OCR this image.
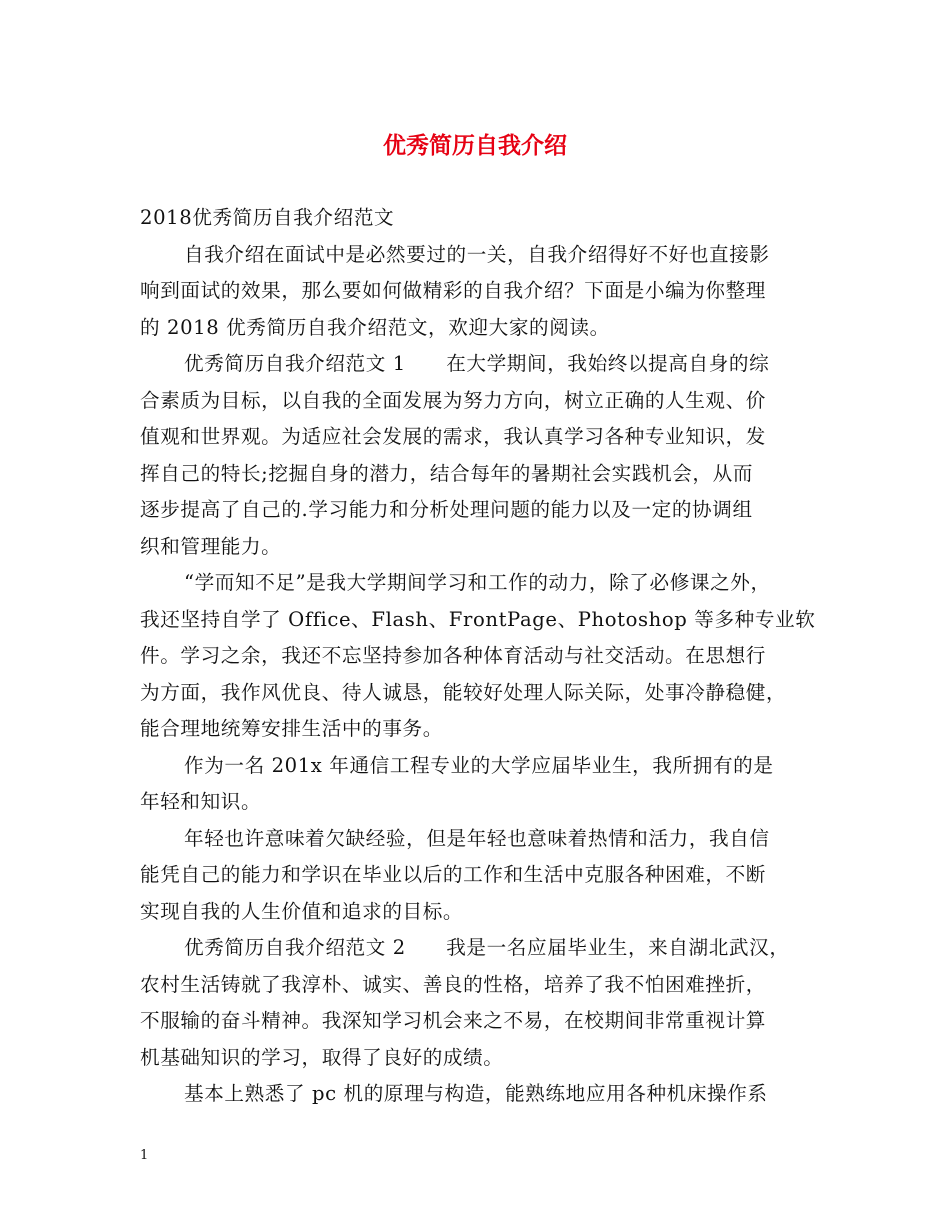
优秀简历自我介绍
2018优秀简历自我介绍范文
自我介绍在面试中是必然要过的一关，自我介绍得好不好也直接影
响到面试的效果，那么要如何做精彩的自我介绍？下面是小编为你整理
的 2018 优秀简历自我介绍范文，欢迎大家的阅读。
优秀简历自我介绍范文 1　　在大学期间，我始终以提高自身的综
合素质为目标，以自我的全面发展为努力方向，树立正确的人生观、价
值观和世界观。为适应社会发展的需求，我认真学习各种专业知识，发
挥自己的特长;挖掘自身的潜力，结合每年的暑期社会实践机会，从而
逐步提高了自己的.学习能力和分析处理问题的能力以及一定的协调组
织和管理能力。
“学而知不足”是我大学期间学习和工作的动力，除了必修课之外，
我还坚持自学了 Office、Flash、FrontPage、Photoshop 等多种专业软
件。学习之余，我还不忘坚持参加各种体育活动与社交活动。在思想行
为方面，我作风优良、待人诚恳，能较好处理人际关际，处事冷静稳健，
能合理地统筹安排生活中的事务。
作为一名 201x 年通信工程专业的大学应届毕业生，我所拥有的是
年轻和知识。
年轻也许意味着欠缺经验，但是年轻也意味着热情和活力，我自信
能凭自己的能力和学识在毕业以后的工作和生活中克服各种困难，不断
实现自我的人生价值和追求的目标。
优秀简历自我介绍范文 2　　我是一名应届毕业生，来自湖北武汉，
农村生活铸就了我淳朴、诚实、善良的性格，培养了我不怕困难挫折，
不服输的奋斗精神。我深知学习机会来之不易，在校期间非常重视计算
机基础知识的学习，取得了良好的成绩。
基本上熟悉了 pc 机的原理与构造，能熟练地应用各种机床操作系
1
